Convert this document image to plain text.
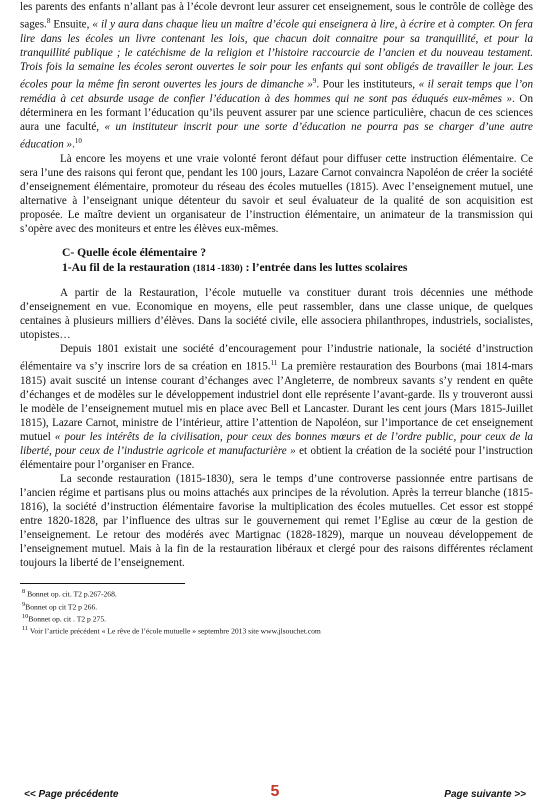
les parents des enfants n’allant pas à l’école devront leur assurer cet enseignement, sous le contrôle de collège des sages.$^8$ Ensuite, « il y aura dans chaque lieu un maître d’école qui enseignera à lire, à écrire et à compter. On fera lire dans les écoles un livre contenant les lois, que chacun doit connaitre pour sa tranquillité, et pour la tranquillité publique ; le catéchisme de la religion et l’histoire raccourcie de l’ancien et du nouveau testament. Trois fois la semaine les écoles seront ouvertes le soir pour les enfants qui sont obligés de travailler le jour. Les écoles pour la même fin seront ouvertes les jours de dimanche »$^9$. Pour les instituteurs, « il serait temps que l’on remédia à cet absurde usage de confier l’éducation à des hommes qui ne sont pas éduqués eux-mêmes ». On déterminera en les formant l’éducation qu’ils peuvent assurer par une science particulière, chacun de ces sciences aura une faculté, « un instituteur inscrit pour une sorte d’éducation ne pourra pas se charger d’une autre éducation ».$^{10}$

Là encore les moyens et une vraie volonté feront défaut pour diffuser cette instruction élémentaire. Ce sera l’une des raisons qui feront que, pendant les 100 jours, Lazare Carnot convaincra Napoléon de créer la société d’enseignement élémentaire, promoteur du réseau des écoles mutuelles (1815). Avec l’enseignement mutuel, une alternative à l’enseignant unique détenteur du savoir et seul évaluateur de la qualité de son acquisition est proposée. Le maître devient un organisateur de l’instruction élémentaire, un animateur de la transmission qui s’opère avec des moniteurs et entre les élèves eux-mêmes.

C- Quelle école élémentaire ?
1-Au fil de la restauration (1814 -1830) : l’entrée dans les luttes scolaires

A partir de la Restauration, l’école mutuelle va constituer durant trois décennies une méthode d’enseignement en vue. Economique en moyens, elle peut rassembler, dans une classe unique, de quelques centaines à plusieurs milliers d’élèves. Dans la société civile, elle associera philanthropes, industriels, socialistes, utopistes…

Depuis 1801 existait une société d’encouragement pour l’industrie nationale, la société d’instruction élémentaire va s’y inscrire lors de sa création en 1815.11 La première restauration des Bourbons (mai 1814-mars 1815) avait suscité un intense courant d’échanges avec l’Angleterre, de nombreux savants s’y rendent en quête d’échanges et de modèles sur le développement industriel dont elle représente l’avant-garde. Ils y trouveront aussi le modèle de l’enseignement mutuel mis en place avec Bell et Lancaster. Durant les cent jours (Mars 1815-Juillet 1815), Lazare Carnot, ministre de l’intérieur, attire l’attention de Napoléon, sur l’importance de cet enseignement mutuel « pour les intérêts de la civilisation, pour ceux des bonnes mœurs et de l’ordre public, pour ceux de la liberté, pour ceux de l’industrie agricole et manufacturière » et obtient la création de la société pour l’instruction élémentaire pour l’organiser en France.

La seconde restauration (1815-1830), sera le temps d’une controverse passionnée entre partisans de l’ancien régime et partisans plus ou moins attachés aux principes de la révolution. Après la terreur blanche (1815-1816), la société d’instruction élémentaire favorise la multiplication des écoles mutuelles. Cet essor est stoppé entre 1820-1828, par l’influence des ultras sur le gouvernement qui remet l’Eglise au cœur de la gestion de l’enseignement. Le retour des modérés avec Martignac (1828-1829), marque un nouveau développement de l’enseignement mutuel. Mais à la fin de la restauration libéraux et clergé pour des raisons différentes réclament toujours la liberté de l’enseignement.

$^8$ Bonnet op. cit. T2 p.267-268.

$^9$Bonnet op cit T2 p 266.

$^{10}$Bonnet op. cit . T2 p 275.

$^{11}$ Voir l’article précédent « Le rêve de l’école mutuelle » septembre 2013 site www.jlsouchet.com

<< Page précédente	5	Page suivante >>
